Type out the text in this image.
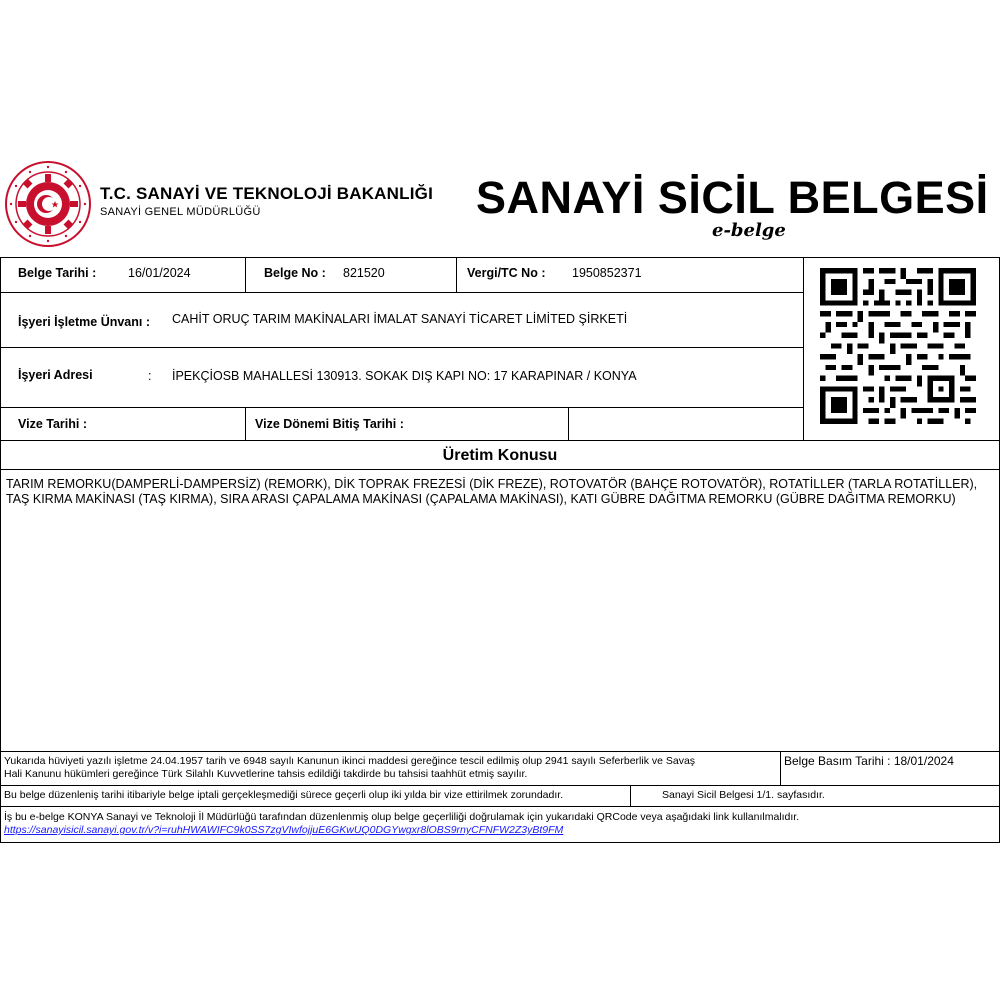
T.C. SANAYİ VE TEKNOLOJİ BAKANLIĞI
SANAYİ GENEL MÜDÜRLÜĞÜ	SANAYİ SİCİL BELGESİ
e-belge
Belge Tarihi :	16/01/2024	Belge No : 821520	Vergi/TC No : 1950852371
İşyeri İşletme Ünvanı : CAHİT ORUÇ TARIM MAKİNALARI İMALAT SANAYİ TİCARET LİMİTED ŞİRKETİ
İşyeri Adresi	: İPEKÇİOSB MAHALLESİ 130913. SOKAK DIŞ KAPI NO: 17 KARAPINAR / KONYA
Vize Tarihi :	Vize Dönemi Bitiş Tarihi :
Üretim Konusu
TARIM REMORKU(DAMPERLİ-DAMPERSİZ) (REMORK), DİK TOPRAK FREZESİ (DİK FREZE), ROTOVATÖR (BAHÇE ROTOVATÖR), ROTATİLLER (TARLA ROTATİLLER), TAŞ KIRMA MAKİNASI (TAŞ KIRMA), SIRA ARASI ÇAPALAMA MAKİNASI (ÇAPALAMA MAKİNASI), KATI GÜBRE DAĞITMA REMORKU (GÜBRE DAĞITMA REMORKU)
Yukarıda hüviyeti yazılı işletme 24.04.1957 tarih ve 6948 sayılı Kanunun ikinci maddesi gereğince tescil edilmiş olup 2941 sayılı Seferberlik ve Savaş
Hali Kanunu hükümleri gereğince Türk Silahlı Kuvvetlerine tahsis edildiği takdirde bu tahsisi taahhüt etmiş sayılır.
Belge Basım Tarihi : 18/01/2024
Bu belge düzenleniş tarihi itibariyle belge iptali gerçekleşmediği sürece geçerli olup iki yılda bir vize ettirilmek zorundadır.	Sanayi Sicil Belgesi 1/1. sayfasıdır.
İş bu e-belge KONYA Sanayi ve Teknoloji İl Müdürlüğü tarafından düzenlenmiş olup belge geçerliliği doğrulamak için yukarıdaki QRCode veya aşağıdaki link kullanılmalıdır.
https://sanayisicil.sanayi.gov.tr/v?i=ruhHWAWIFC9k0SS7zgVIwfojjuE6GKwUQ0DGYwgxr8lOBS9rnyCFNFW2Z3yBt9FM
